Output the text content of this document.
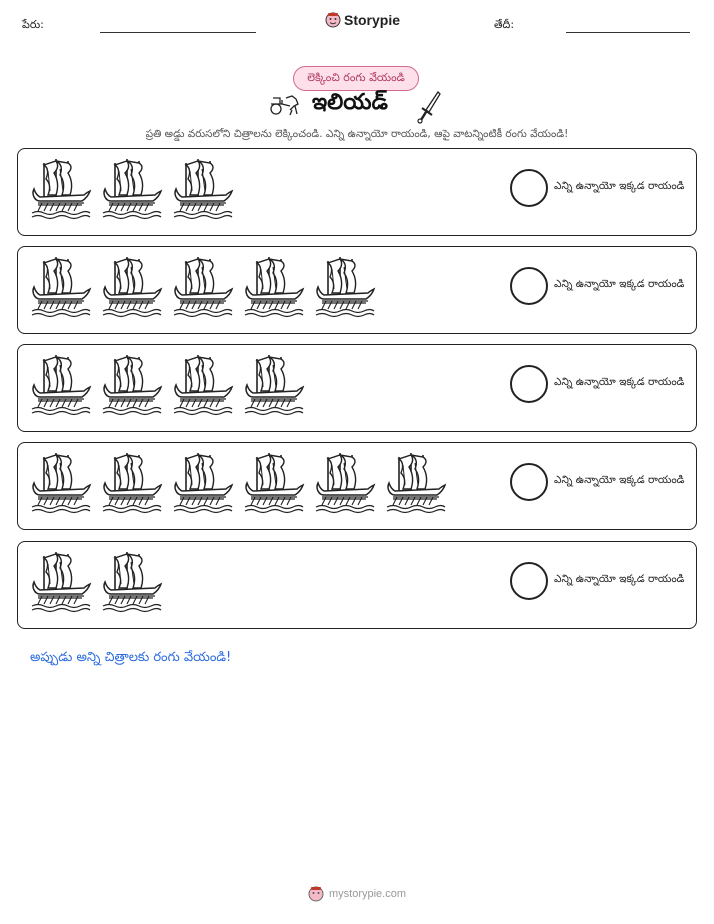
పేరు:	Storypie	తేదీ:
లెక్కించి రంగు వేయండి
ఇలియడ్
ప్రతి అడ్డు వరుసలోని చిత్రాలను లెక్కించండి. ఎన్ని ఉన్నాయో రాయండి, ఆపై వాటన్నింటికీ రంగు వేయండి!
ఎన్ని ఉన్నాయో ఇక్కడ రాయండి
ఎన్ని ఉన్నాయో ఇక్కడ రాయండి
ఎన్ని ఉన్నాయో ఇక్కడ రాయండి
ఎన్ని ఉన్నాయో ఇక్కడ రాయండి
ఎన్ని ఉన్నాయో ఇక్కడ రాయండి
అప్పుడు అన్ని చిత్రాలకు రంగు వేయండి!
mystorypie.com
